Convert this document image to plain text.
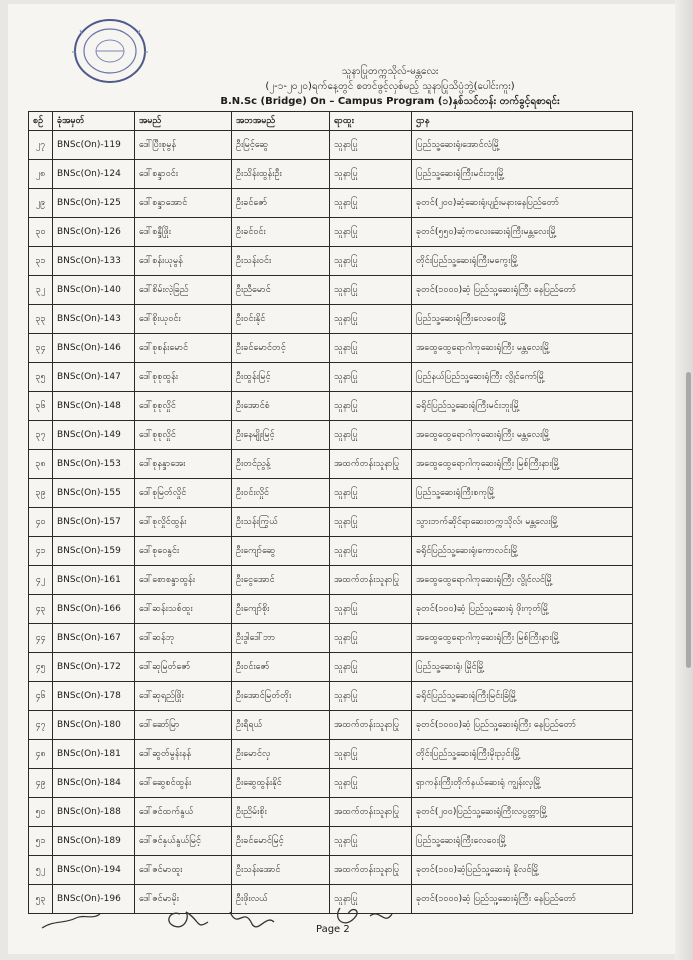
သူနာပြုတက္ကသိုလ်-မန္တလေး
(၂-၁-၂၀၂၀)ရက်နေ့တွင် စတင်ဖွင့်လှစ်မည့် သူနာပြုသိပ္ပံဘွဲ့(ပေါင်းကူး)
B.N.Sc (Bridge) On – Campus Program (၁)နှစ်သင်တန်း တက်ခွင့်ရစာရင်း
စဉ်	ခုံအမှတ်	အမည်	အဘအမည်	ရာထူး	ဌာန
၂၇	BNSc(On)-119	ဒေါ်ပြီးစုမွန်	ဦးမြင့်ဆွေ	သူနာပြု	ပြည်သူ့ဆေးရုံ၊အောင်လံမြို့
၂၈	BNSc(On)-124	ဒေါ်စန္ဒာဝင်း	ဦးသိန်းထွန်းဦး	သူနာပြု	ပြည်သူ့ဆေးရုံကြီးမင်းဘူးမြို့
၂၉	BNSc(On)-125	ဒေါ်စန္ဒာအောင်	ဦးခင်ဇော်	သူနာပြု	ခုတင်(၂၀၀)ဆံ့ဆေးရုံ၊ပျဉ်းမနားနေပြည်တော်
၃၀	BNSc(On)-126	ဒေါ်စန္ဒီဖြိုး	ဦးခင်ဝင်း	သူနာပြု	ခုတင်(၅၅၀)ဆံ့ကလေးဆေးရုံကြီးမန္တလေးမြို့
၃၁	BNSc(On)-133	ဒေါ်စန်းယုမွန်	ဦးသန်းဝင်း	သူနာပြု	တိုင်းပြည်သူ့ဆေးရုံကြီးမကွေးမြို့
၃၂	BNSc(On)-140	ဒေါ်စိမ်းလဲ့ခြည်	ဦးညီမောင်	သူနာပြု	ခုတင်(၁၀၀၀)ဆံ့ ပြည်သူ့ဆေးရုံကြီး နေပြည်တော်
၃၃	BNSc(On)-143	ဒေါ်စိုးယုဝင်း	ဦးဝင်းနိုင်	သူနာပြု	ပြည်သူ့ဆေးရုံကြီးလေဝေးမြို့
၃၄	BNSc(On)-146	ဒေါ်စုစန်းမောင်	ဦးခင်မောင်တင့်	သူနာပြု	အထွေထွေရောဂါကုဆေးရုံကြီး မန္တလေးမြို့
၃၅	BNSc(On)-147	ဒေါ်စုစုထွန်း	ဦးထွန်းမြင့်	သူနာပြု	ပြည်နယ်ပြည်သူ့ဆေးရုံကြီး လွိုင်ကော်မြို့
၃၆	BNSc(On)-148	ဒေါ်စုစုလှိုင်	ဦးအောင်စံ	သူနာပြု	ခရိုင်ပြည်သူ့ဆေးရုံကြီးမင်းဘူးမြို့
၃၇	BNSc(On)-149	ဒေါ်စုစုလှိုင်	ဦးနေမျိုးမြင့်	သူနာပြု	အထွေထွေရောဂါကုဆေးရုံကြီး မန္တလေးမြို့
၃၈	BNSc(On)-153	ဒေါ်စုနန္ဒာအေး	ဦးတင်ညွန့်	အထက်တန်းသူနာပြု	အထွေထွေရောဂါကုဆေးရုံကြီး မြစ်ကြီးနားမြို့
၃၉	BNSc(On)-155	ဒေါ်စုမြတ်လှိုင်	ဦးဝင်းလှိုင်	သူနာပြု	ပြည်သူ့ဆေးရုံကြီးစကုမြို့
၄၀	BNSc(On)-157	ဒေါ်စုလှိုင်ထွန်း	ဦးသန်းကြွယ်	သူနာပြု	သွားဘက်ဆိုင်ရာဆေးတက္ကသိုလ်၊ မန္တလေးမြို့
၄၁	BNSc(On)-159	ဒေါ်စုဝေနွင်း	ဦးကျော်ဆွေ	သူနာပြု	ခရိုင်ပြည်သူ့ဆေးရုံ၊ကောလင်းမြို့
၄၂	BNSc(On)-161	ဒေါ်စောစန္ဒာထွန်း	ဦးငွေအောင်	အထက်တန်းသူနာပြု	အထွေထွေရောဂါကုဆေးရုံကြီး လွိုင်လင်မြို့
၄၃	BNSc(On)-166	ဒေါ်ဆန်းသစ်ထူး	ဦးကျော်စိုး	သူနာပြု	ခုတင်(၁၀၀)ဆံ့ ပြည်သူ့ဆေးရုံ ဖိုးကုတ်မြို့
၄၄	BNSc(On)-167	ဒေါ်ဆန်ဘု	ဦးဒွါဒေါ်ဘာ	သူနာပြု	အထွေထွေရောဂါကုဆေးရုံကြီး မြစ်ကြီးနားမြို့
၄၅	BNSc(On)-172	ဒေါ်ဆုမြတ်ဇော်	ဦးဝင်းဇော်	သူနာပြု	ပြည်သူ့ဆေးရုံ၊ မြိုင်မြို့
၄၆	BNSc(On)-178	ဒေါ်ဆုရည်ဖြိုး	ဦးအောင်မြတ်တိုး	သူနာပြု	ခရိုင်ပြည်သူ့ဆေးရုံကြီးမြင်းခြံမြို့
၄၇	BNSc(On)-180	ဒေါ်ဆော်မြာ	ဦးရီရယ်	အထက်တန်းသူနာပြု	ခုတင်(၁၀၀၀)ဆံ့ ပြည်သူ့ဆေးရုံကြီး နေပြည်တော်
၄၈	BNSc(On)-181	ဒေါ်ဆွတ်မွန်းနန်	ဦးမောင်လှ	သူနာပြု	တိုင်းပြည်သူ့ဆေးရုံကြီးမိုးညှင်းမြို့
၄၉	BNSc(On)-184	ဒေါ်ဆွေစင်ထွန်း	ဦးဆွေထွန်းနိုင်	သူနာပြု	ရှာကန်းကြီးတိုက်နယ်ဆေးရုံ ကျွန်းလှမြို့
၅၀	BNSc(On)-188	ဒေါ်ဇင်ထက်နွယ်	ဦးညိမ်းစိုး	အထက်တန်းသူနာပြု	ခုတင်(၂၀၀)ပြည်သူ့ဆေးရုံကြီးလပွတ္တာမြို့
၅၁	BNSc(On)-189	ဒေါ်ဇင်နှယ်နွယ်မြင့်	ဦးခင်မောင်မြင့်	သူနာပြု	ပြည်သူ့ဆေးရုံကြီးလေဝေးမြို့
၅၂	BNSc(On)-194	ဒေါ်ဇင်မာထူး	ဦးသန်းအောင်	အထက်တန်းသူနာပြု	ခုတင်(၁၀၀)ဆံ့ပြည်သူ့ဆေးရုံ နိုလင်မြို့
၅၃	BNSc(On)-196	ဒေါ်ဇင်မာမိုး	ဦးဖိုးလယ်	သူနာပြု	ခုတင်(၁၀၀၀)ဆံ့ ပြည်သူ့ဆေးရုံကြီး နေပြည်တော်
Page 2
